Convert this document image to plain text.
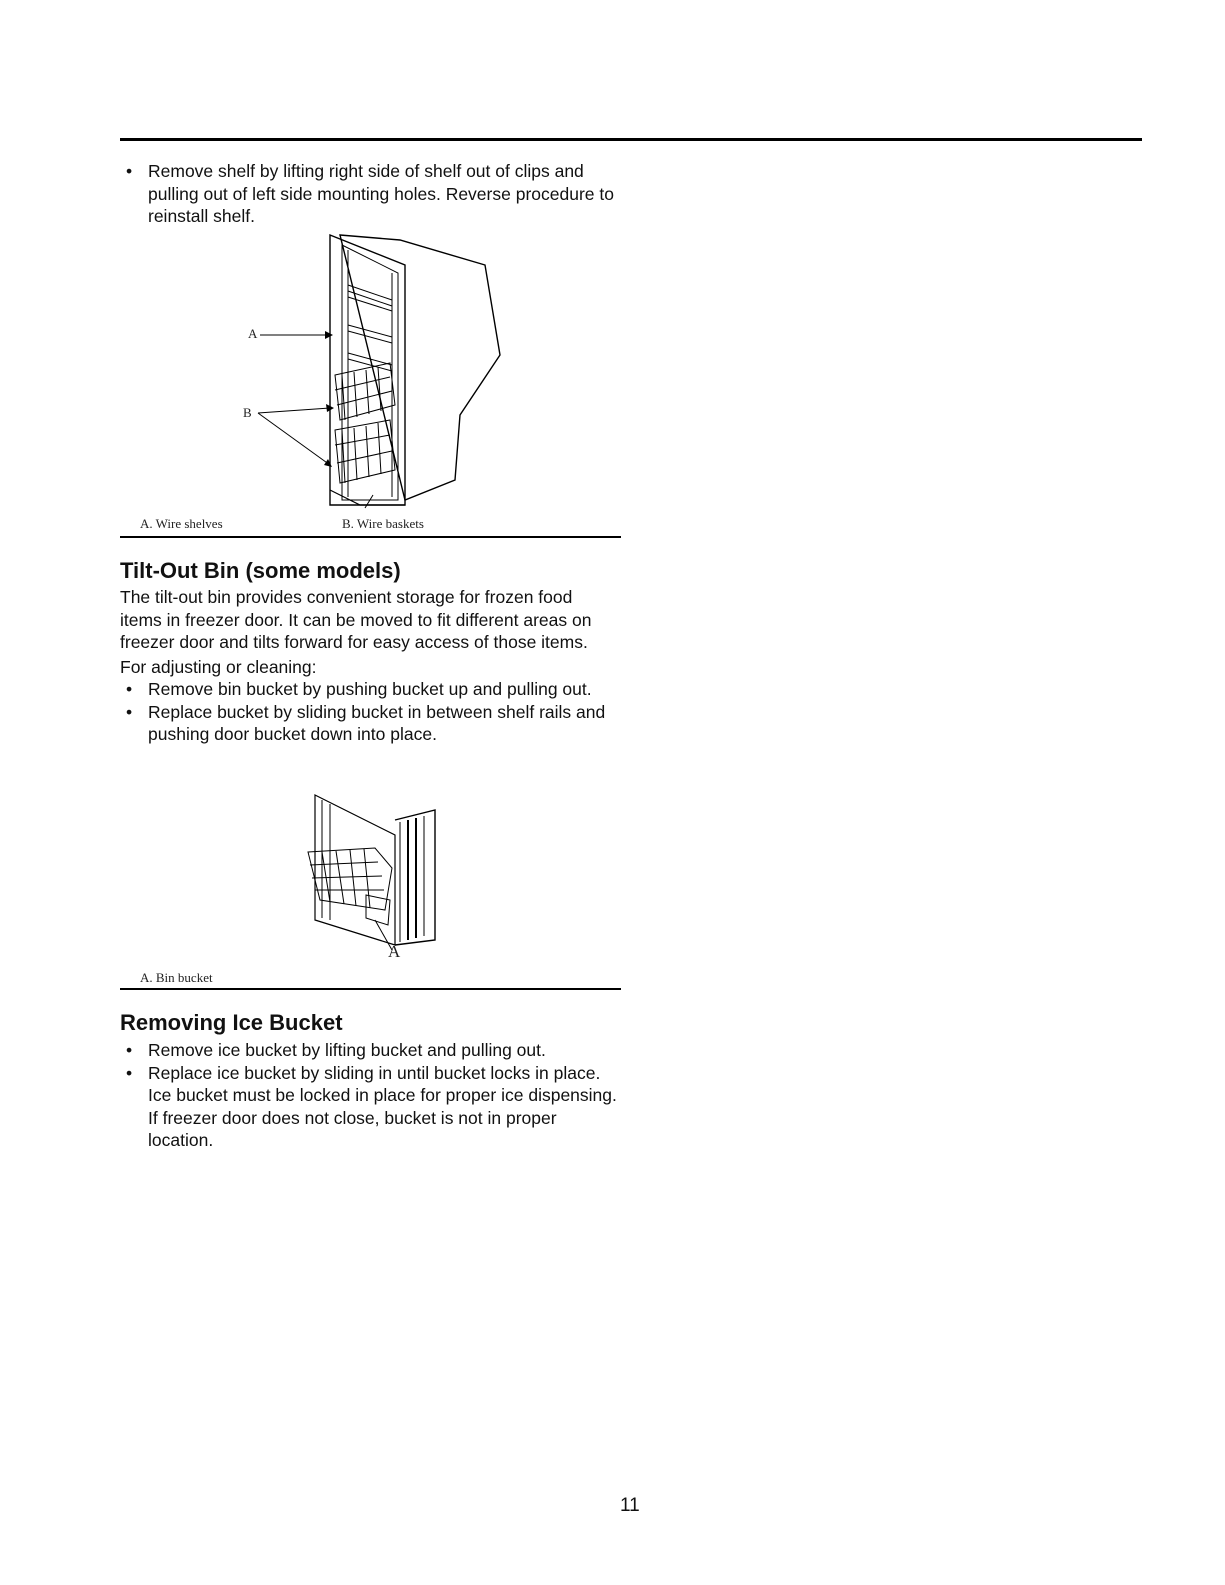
• Remove shelf by lifting right side of shelf out of clips and pulling out of left side mounting holes. Reverse procedure to reinstall shelf.
A
B
A. Wire shelves	B. Wire baskets
Tilt-Out Bin (some models)
The tilt-out bin provides convenient storage for frozen food items in freezer door. It can be moved to fit different areas on freezer door and tilts forward for easy access of those items.
For adjusting or cleaning:
• Remove bin bucket by pushing bucket up and pulling out.
• Replace bucket by sliding bucket in between shelf rails and pushing door bucket down into place.
A
A. Bin bucket
Removing Ice Bucket
• Remove ice bucket by lifting bucket and pulling out.
• Replace ice bucket by sliding in until bucket locks in place. Ice bucket must be locked in place for proper ice dispensing. If freezer door does not close, bucket is not in proper location.
11
